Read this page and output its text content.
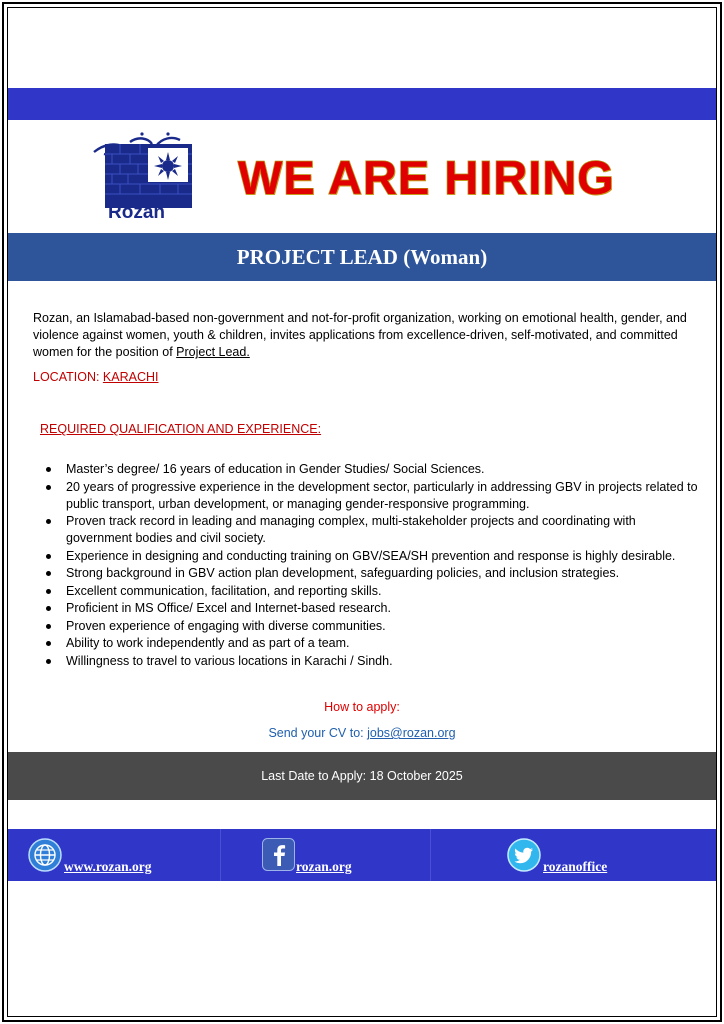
Rozan
WE ARE HIRING
PROJECT LEAD (Woman)
Rozan, an Islamabad-based non-government and not-for-profit organization, working on emotional health, gender, and violence against women, youth & children, invites applications from excellence-driven, self-motivated, and committed women for the position of Project Lead.
LOCATION: KARACHI
REQUIRED QUALIFICATION AND EXPERIENCE:
Master’s degree/ 16 years of education in Gender Studies/ Social Sciences.
20 years of progressive experience in the development sector, particularly in addressing GBV in projects related to public transport, urban development, or managing gender-responsive programming.
Proven track record in leading and managing complex, multi-stakeholder projects and coordinating with government bodies and civil society.
Experience in designing and conducting training on GBV/SEA/SH prevention and response is highly desirable.
Strong background in GBV action plan development, safeguarding policies, and inclusion strategies.
Excellent communication, facilitation, and reporting skills.
Proficient in MS Office/ Excel and Internet-based research.
Proven experience of engaging with diverse communities.
Ability to work independently and as part of a team.
Willingness to travel to various locations in Karachi / Sindh.
How to apply:
Send your CV to: jobs@rozan.org
Last Date to Apply: 18 October 2025
www.rozan.org	rozan.org	rozanoffice
